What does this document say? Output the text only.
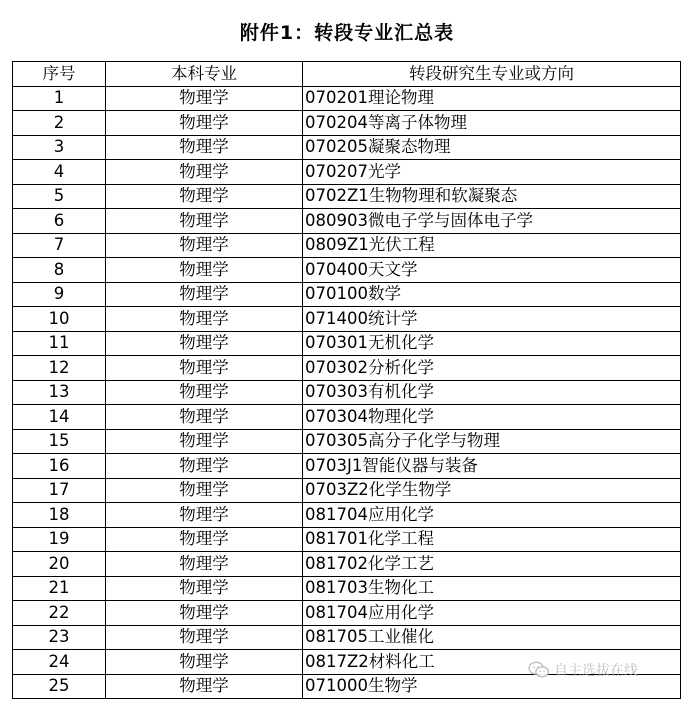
附件1：转段专业汇总表
序号	本科专业	转段研究生专业或方向
1	物理学	070201理论物理
2	物理学	070204等离子体物理
3	物理学	070205凝聚态物理
4	物理学	070207光学
5	物理学	0702Z1生物物理和软凝聚态
6	物理学	080903微电子学与固体电子学
7	物理学	0809Z1光伏工程
8	物理学	070400天文学
9	物理学	070100数学
10	物理学	071400统计学
11	物理学	070301无机化学
12	物理学	070302分析化学
13	物理学	070303有机化学
14	物理学	070304物理化学
15	物理学	070305高分子化学与物理
16	物理学	0703J1智能仪器与装备
17	物理学	0703Z2化学生物学
18	物理学	081704应用化学
19	物理学	081701化学工程
20	物理学	081702化学工艺
21	物理学	081703生物化工
22	物理学	081704应用化学
23	物理学	081705工业催化
24	物理学	0817Z2材料化工
25	物理学	071000生物学
自主选拔在线
